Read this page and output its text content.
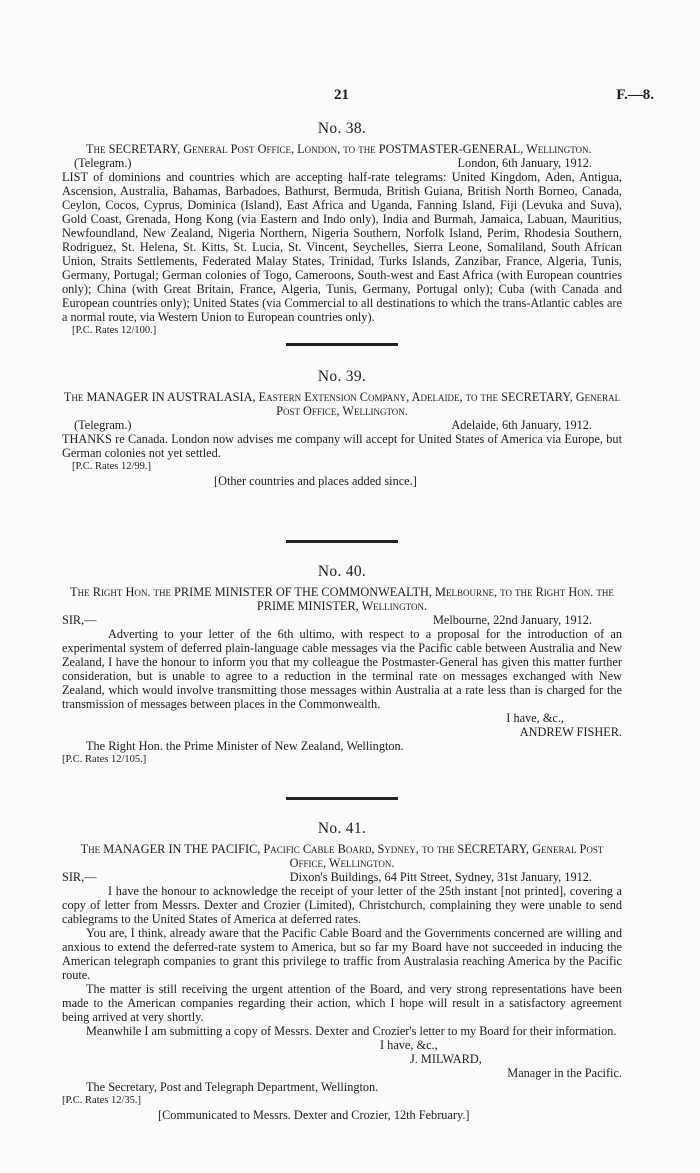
21	F.—8.
No. 38.

The SECRETARY, General Post Office, London, to the POSTMASTER-GENERAL, Wellington.

(Telegram.)	London, 6th January, 1912.

LIST of dominions and countries which are accepting half-rate telegrams: United Kingdom, Aden, Antigua, Ascension, Australia, Bahamas, Barbadoes, Bathurst, Bermuda, British Guiana, British North Borneo, Canada, Ceylon, Cocos, Cyprus, Dominica (Island), East Africa and Uganda, Fanning Island, Fiji (Levuka and Suva), Gold Coast, Grenada, Hong Kong (via Eastern and Indo only), India and Burmah, Jamaica, Labuan, Mauritius, Newfoundland, New Zealand, Nigeria Northern, Nigeria Southern, Norfolk Island, Perim, Rhodesia Southern, Rodriguez, St. Helena, St. Kitts, St. Lucia, St. Vincent, Seychelles, Sierra Leone, Somaliland, South African Union, Straits Settlements, Federated Malay States, Trinidad, Turks Islands, Zanzibar, France, Algeria, Tunis, Germany, Portugal; German colonies of Togo, Cameroons, South-west and East Africa (with European countries only); China (with Great Britain, France, Algeria, Tunis, Germany, Portugal only); Cuba (with Canada and European countries only); United States (via Commercial to all destinations to which the trans-Atlantic cables are a normal route, via Western Union to European countries only).

[P.C. Rates 12/100.]
No. 39.

The MANAGER IN AUSTRALASIA, Eastern Extension Company, Adelaide, to the SECRETARY, General Post Office, Wellington.

(Telegram.)	Adelaide, 6th January, 1912.

THANKS re Canada. London now advises me company will accept for United States of America via Europe, but German colonies not yet settled.

[P.C. Rates 12/99.]
[Other countries and places added since.]
No. 40.

The Right Hon. the PRIME MINISTER OF THE COMMONWEALTH, Melbourne, to the Right Hon. the PRIME MINISTER, Wellington.

SIR,—	Melbourne, 22nd January, 1912.

Adverting to your letter of the 6th ultimo, with respect to a proposal for the introduction of an experimental system of deferred plain-language cable messages via the Pacific cable between Australia and New Zealand, I have the honour to inform you that my colleague the Postmaster-General has given this matter further consideration, but is unable to agree to a reduction in the terminal rate on messages exchanged with New Zealand, which would involve transmitting those messages within Australia at a rate less than is charged for the transmission of messages between places in the Commonwealth.

I have, &c.,
ANDREW FISHER.
The Right Hon. the Prime Minister of New Zealand, Wellington.
[P.C. Rates 12/105.]
No. 41.

The MANAGER IN THE PACIFIC, Pacific Cable Board, Sydney, to the SECRETARY, General Post Office, Wellington.

SIR,—	Dixon's Buildings, 64 Pitt Street, Sydney, 31st January, 1912.

I have the honour to acknowledge the receipt of your letter of the 25th instant [not printed], covering a copy of letter from Messrs. Dexter and Crozier (Limited), Christchurch, complaining they were unable to send cablegrams to the United States of America at deferred rates.

You are, I think, already aware that the Pacific Cable Board and the Governments concerned are willing and anxious to extend the deferred-rate system to America, but so far my Board have not succeeded in inducing the American telegraph companies to grant this privilege to traffic from Australasia reaching America by the Pacific route.

The matter is still receiving the urgent attention of the Board, and very strong representations have been made to the American companies regarding their action, which I hope will result in a satisfactory agreement being arrived at very shortly.

Meanwhile I am submitting a copy of Messrs. Dexter and Crozier's letter to my Board for their information.

I have, &c.,
J. MILWARD,
Manager in the Pacific.
The Secretary, Post and Telegraph Department, Wellington.
[P.C. Rates 12/35.]
[Communicated to Messrs. Dexter and Crozier, 12th February.]
